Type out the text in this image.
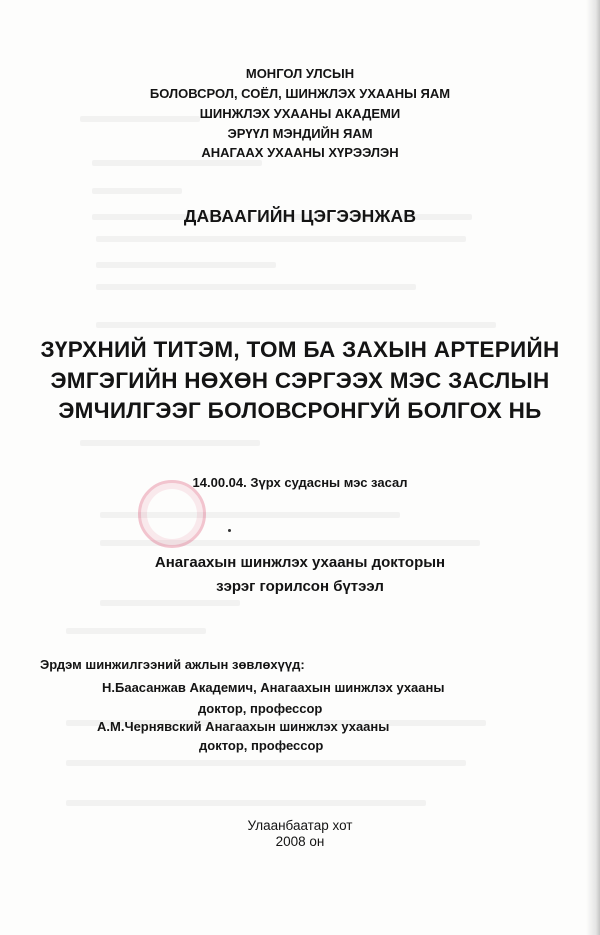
МОНГОЛ УЛСЫН
БОЛОВСРОЛ, СОЁЛ, ШИНЖЛЭХ УХААНЫ ЯАМ
ШИНЖЛЭХ УХААНЫ АКАДЕМИ
ЭРҮҮЛ МЭНДИЙН ЯАМ
АНАГААХ УХААНЫ ХҮРЭЭЛЭН
ДАВААГИЙН ЦЭГЭЭНЖАВ
ЗҮРХНИЙ ТИТЭМ, ТОМ БА ЗАХЫН АРТЕРИЙН
ЭМГЭГИЙН НӨХӨН СЭРГЭЭХ МЭС ЗАСЛЫН
ЭМЧИЛГЭЭГ БОЛОВСРОНГУЙ БОЛГОХ НЬ
14.00.04. Зүрх судасны мэс засал
Анагаахын шинжлэх ухааны докторын
зэрэг горилсон бүтээл
Эрдэм шинжилгээний ажлын зөвлөхүүд:
Н.Баасанжав Академич, Анагаахын шинжлэх ухааны
доктор, профессор
А.М.Чернявский Анагаахын шинжлэх ухааны
доктор, профессор
Улаанбаатар хот
2008 он
